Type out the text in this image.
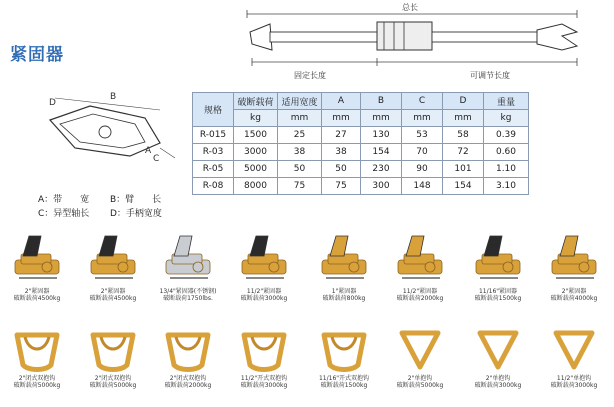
紧固器
总长
固定长度	可调节长度
B
D
A
C
A：带　　宽 B：臂　　长
C：异型轴长 D：手柄宽度
规格	破断载荷	适用宽度	A	B	C	D	重量
	kg	mm	mm	mm	mm	mm	kg
R-015	1500	25	27	130	53	58	0.39
R-03	3000	38	38	154	70	72	0.60
R-05	5000	50	50	230	90	101	1.10
R-08	8000	75	75	300	148	154	3.10
2"紧固器
破断载荷4500kg
2"紧固器
破断载荷4500kg
13/4"紧固器(不锈钢)
破断载荷1750lbs.
11/2"紧固器
破断载荷3000kg
1"紧固器
破断载荷800kg
11/2"紧固器
破断载荷2000kg
11/16"紧固器
破断载荷1500kg
2"紧固器
破断载荷4000kg
2"闭式双抱钩
破断载荷5000kg
2"闭式双抱钩
破断载荷5000kg
2"闭式双抱钩
破断载荷2000kg
11/2"开式双抱钩
破断载荷3000kg
11/16"开式双抱钩
破断载荷1500kg
2"单抱钩
破断载荷5000kg
2"单抱钩
破断载荷3000kg
11/2"单抱钩
破断载荷3000kg
